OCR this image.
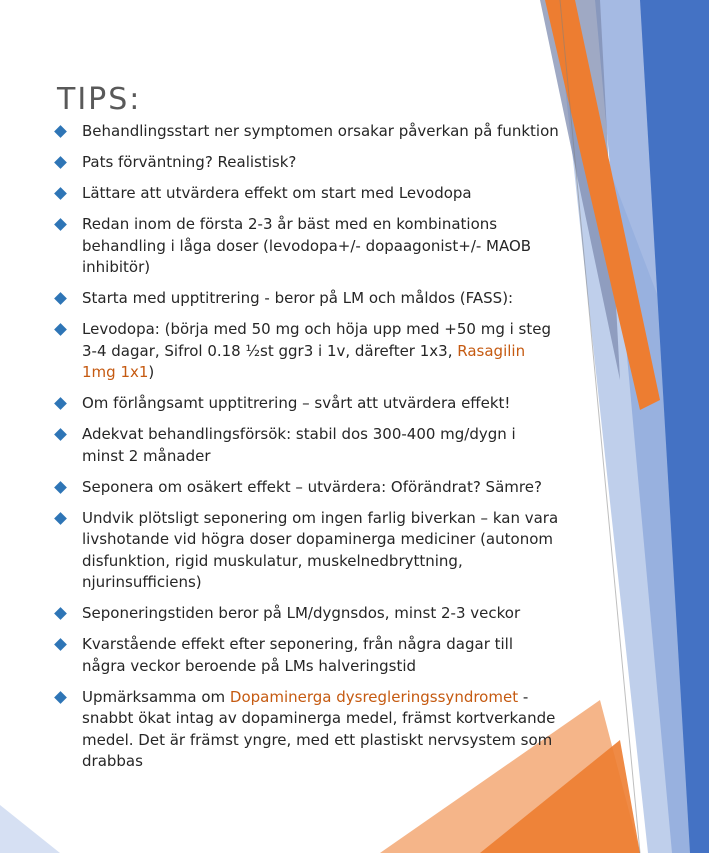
TIPS:
Behandlingsstart ner symptomen orsakar påverkan på funktion
Pats förväntning? Realistisk?
Lättare att utvärdera effekt om start med Levodopa
Redan inom de första 2-3 år bäst med en kombinations behandling i låga doser (levodopa+/- dopaagonist+/- MAOB inhibitör)
Starta med upptitrering - beror på LM och måldos (FASS):
Levodopa: (börja med 50 mg och höja upp med +50 mg i steg 3-4 dagar, Sifrol 0.18 ½st ggr3 i 1v, därefter 1x3, Rasagilin 1mg 1x1)
Om förlångsamt upptitrering – svårt att utvärdera effekt!
Adekvat behandlingsförsök: stabil dos 300-400 mg/dygn i minst 2 månader
Seponera om osäkert effekt – utvärdera: Oförändrat? Sämre?
Undvik plötsligt seponering om ingen farlig biverkan – kan vara livshotande vid högra doser dopaminerga mediciner (autonom disfunktion, rigid muskulatur, muskelnedbryttning, njurinsufficiens)
Seponeringstiden beror på LM/dygnsdos, minst 2-3 veckor
Kvarstående effekt efter seponering, från några dagar till några veckor beroende på LMs halveringstid
Upmärksamma om Dopaminerga dysregleringssyndromet - snabbt ökat intag av dopaminerga medel, främst kortverkande medel. Det är främst yngre, med ett plastiskt nervsystem som drabbas
